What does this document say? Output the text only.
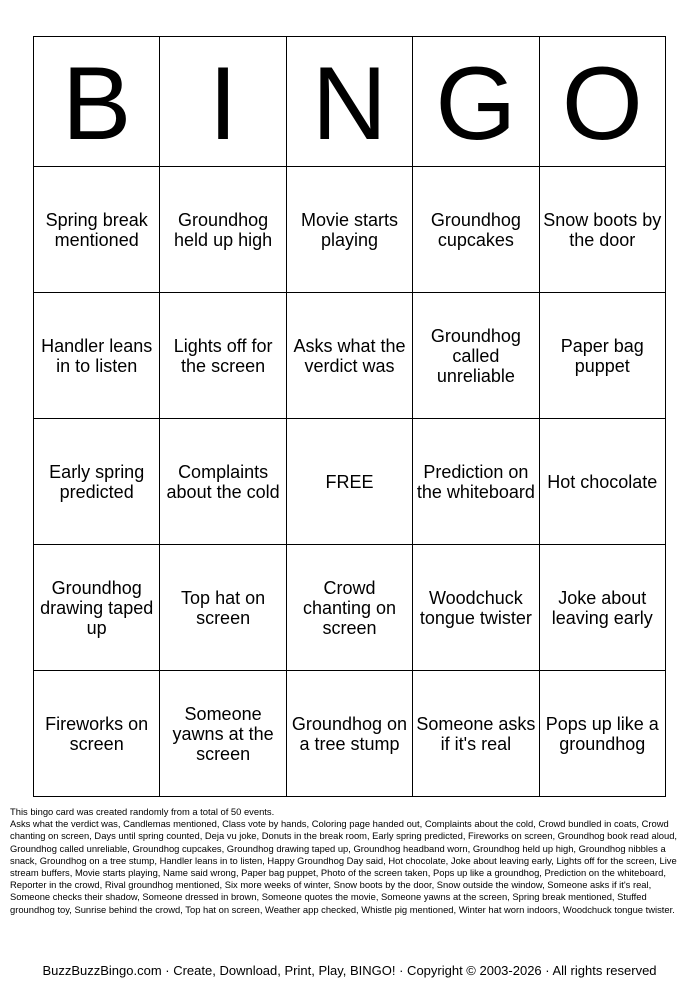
B	I	N	G	O
Spring break mentioned	Groundhog held up high	Movie starts playing	Groundhog cupcakes	Snow boots by the door
Handler leans in to listen	Lights off for the screen	Asks what the verdict was	Groundhog called unreliable	Paper bag puppet
Early spring predicted	Complaints about the cold	FREE	Prediction on the whiteboard	Hot chocolate
Groundhog drawing taped up	Top hat on screen	Crowd chanting on screen	Woodchuck tongue twister	Joke about leaving early
Fireworks on screen	Someone yawns at the screen	Groundhog on a tree stump	Someone asks if it's real	Pops up like a groundhog

This bingo card was created randomly from a total of 50 events.

Asks what the verdict was, Candlemas mentioned, Class vote by hands, Coloring page handed out, Complaints about the cold, Crowd bundled in coats, Crowd chanting on screen, Days until spring counted, Deja vu joke, Donuts in the break room, Early spring predicted, Fireworks on screen, Groundhog book read aloud, Groundhog called unreliable, Groundhog cupcakes, Groundhog drawing taped up, Groundhog headband worn, Groundhog held up high, Groundhog nibbles a snack, Groundhog on a tree stump, Handler leans in to listen, Happy Groundhog Day said, Hot chocolate, Joke about leaving early, Lights off for the screen, Live stream buffers, Movie starts playing, Name said wrong, Paper bag puppet, Photo of the screen taken, Pops up like a groundhog, Prediction on the whiteboard, Reporter in the crowd, Rival groundhog mentioned, Six more weeks of winter, Snow boots by the door, Snow outside the window, Someone asks if it's real, Someone checks their shadow, Someone dressed in brown, Someone quotes the movie, Someone yawns at the screen, Spring break mentioned, Stuffed groundhog toy, Sunrise behind the crowd, Top hat on screen, Weather app checked, Whistle pig mentioned, Winter hat worn indoors, Woodchuck tongue twister.

BuzzBuzzBingo.com · Create, Download, Print, Play, BINGO! · Copyright © 2003-2026 · All rights reserved
